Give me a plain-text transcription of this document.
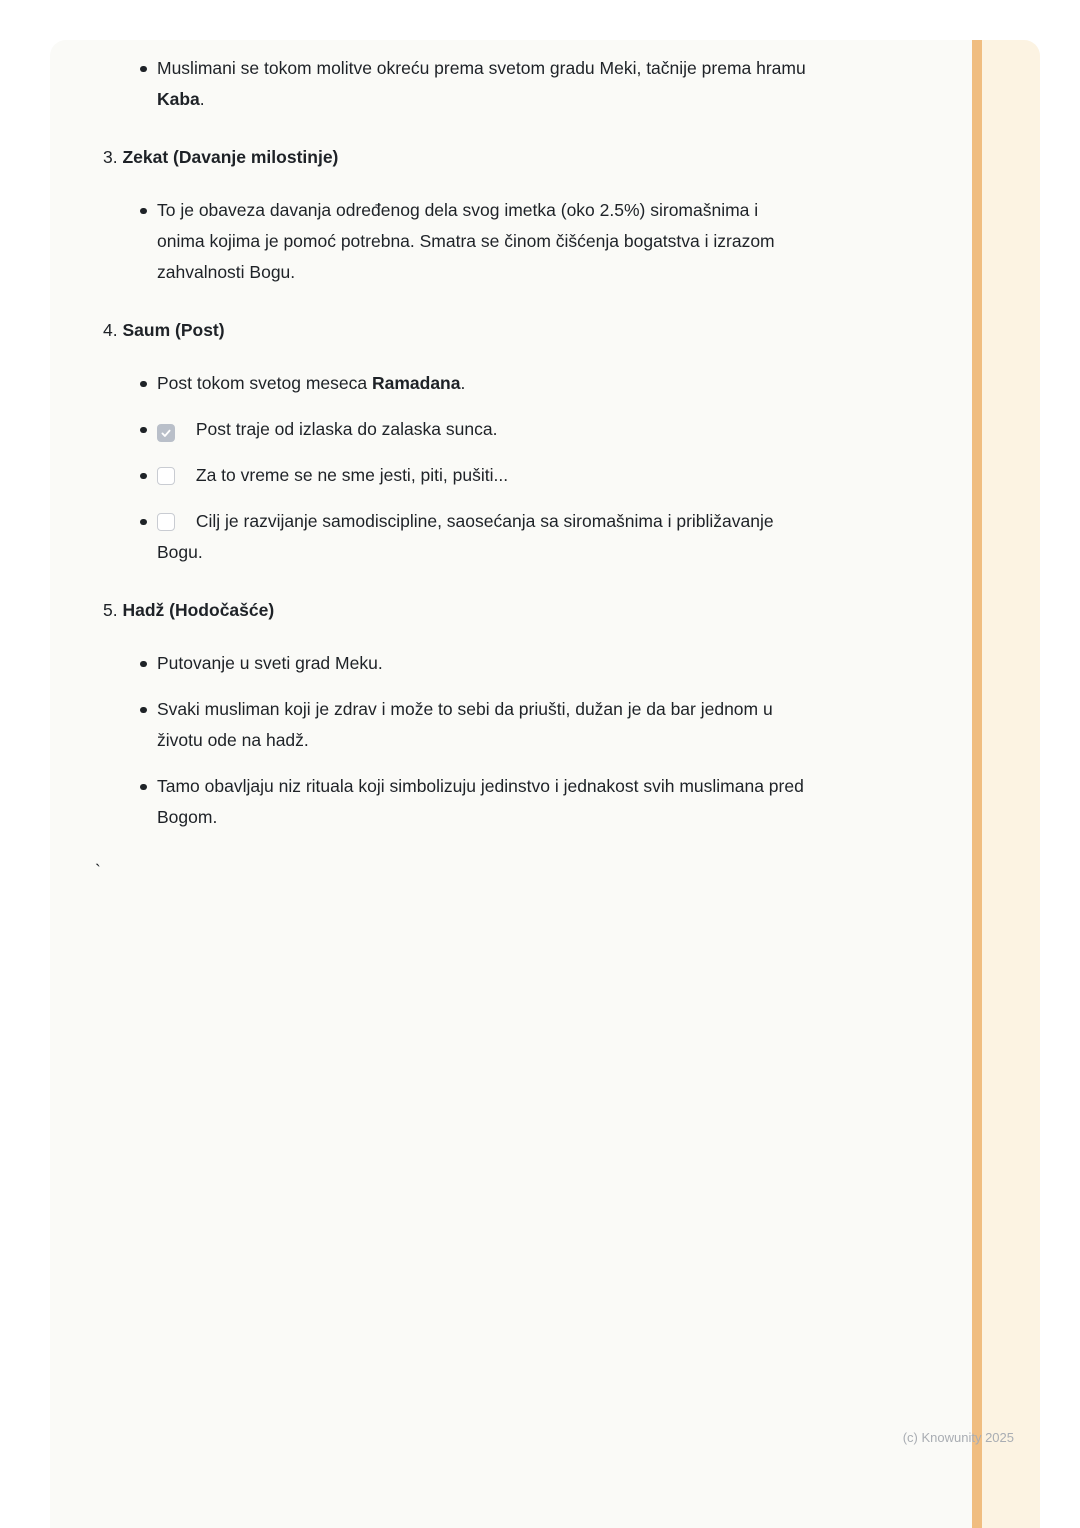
Muslimani se tokom molitve okreću prema svetom gradu Meki, tačnije prema hramu Kaba.

3. Zekat (Davanje milostinje)

To je obaveza davanja određenog dela svog imetka (oko 2.5%) siromašnima i onima kojima je pomoć potrebna. Smatra se činom čišćenja bogatstva i izrazom zahvalnosti Bogu.

4. Saum (Post)

Post tokom svetog meseca Ramadana.
Post traje od izlaska do zalaska sunca.
Za to vreme se ne sme jesti, piti, pušiti...
Cilj je razvijanje samodiscipline, saosećanja sa siromašnima i približavanje Bogu.

5. Hadž (Hodočašće)

Putovanje u sveti grad Meku.
Svaki musliman koji je zdrav i može to sebi da priušti, dužan je da bar jednom u životu ode na hadž.
Tamo obavljaju niz rituala koji simbolizuju jedinstvo i jednakost svih muslimana pred Bogom.

`

(c) Knowunity 2025
